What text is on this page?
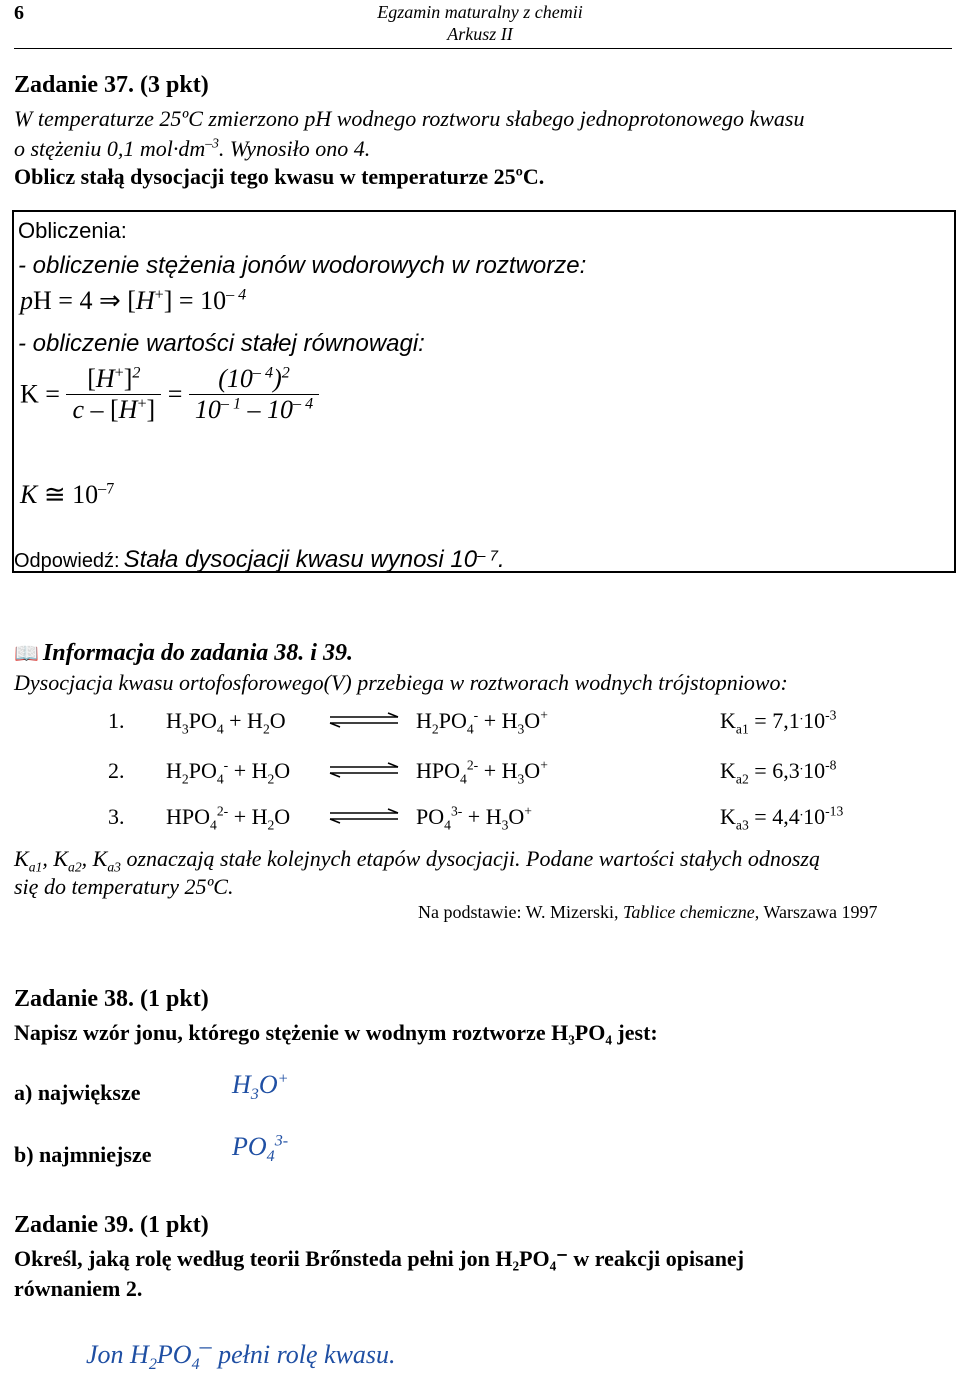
6	Egzamin maturalny z chemii
Arkusz II
Zadanie 37. (3 pkt)
W temperaturze 25ºC zmierzono pH wodnego roztworu słabego jednoprotonowego kwasu
o stężeniu 0,1 $mol\cdot dm^{-3}$. Wynosiło ono 4.
Oblicz stałą dysocjacji tego kwasu w temperaturze 25ºC.
Obliczenia:
- obliczenie stężenia jonów wodorowych w roztworze:
pH = 4 ⇒ $[H^+] = 10^{- 4}$
- obliczenie wartości stałej równowagi:
$K = \frac{[H^+]^2}{c - [H^+]} = \frac{(10^{- 4})^2}{10^{- 1} - 10^{- 4}}$
K ≅ $10^{-7}$
Odpowiedź: Stała dysocjacji kwasu wynosi $10^{- 7}$.
📖 Informacja do zadania 38. i 39.
Dysocjacja kwasu ortofosforowego(V) przebiega w roztworach wodnych trójstopniowo:
1. $H_3PO_4 + H_2O$	$H_2PO_4^- + H_3O^+$	$K_{a1} = 7,1^.10^{-3}$
2. $H_2PO_4^- + H_2O$	$HPO_4^{2-} + H_3O^+$	$K_{a2} = 6,3^.10^{-8}$
3. $HPO_4^{2-} + H_2O$	$PO_4^{3-} + H_3O^+$	$K_{a3} = 4,4^.10^{-13}$
$K_{a1}$, $K_{a2}$, $K_{a3}$ oznaczają stałe kolejnych etapów dysocjacji. Podane wartości stałych odnoszą
się do temperatury 25ºC.
Na podstawie: W. Mizerski, Tablice chemiczne, Warszawa 1997
Zadanie 38. (1 pkt)
Napisz wzór jonu, którego stężenie w wodnym roztworze H₃PO₄ jest:
a) największe	$H_3O^+$
b) najmniejsze	$PO_4^{3-}$
Zadanie 39. (1 pkt)
Określ, jaką rolę według teorii Brőnsteda pełni jon H₂PO₄⁻ w reakcji opisanej
równaniem 2.
Jon $H_2PO_4^-$ pełni rolę kwasu.
